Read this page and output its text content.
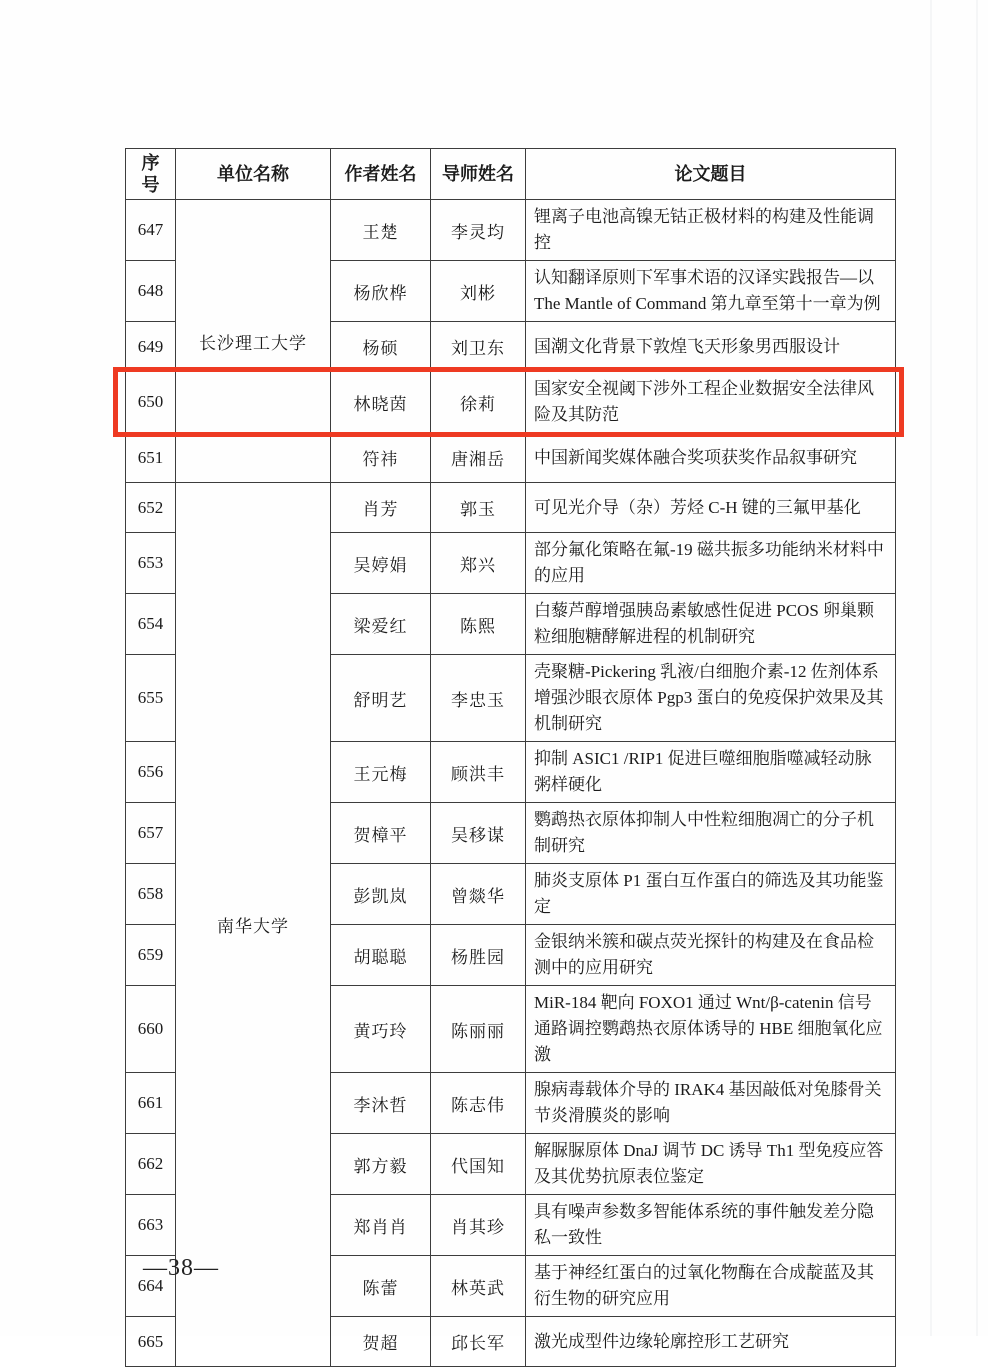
序号	单位名称	作者姓名	导师姓名	论文题目
647	长沙理工大学	王楚	李灵均	锂离子电池高镍无钴正极材料的构建及性能调控
648		杨欣桦	刘彬	认知翻译原则下军事术语的汉译实践报告—以 The Mantle of Command 第九章至第十一章为例
649		杨硕	刘卫东	国潮文化背景下敦煌飞天形象男西服设计
650		林晓茵	徐莉	国家安全视阈下涉外工程企业数据安全法律风险及其防范
651		符祎	唐湘岳	中国新闻奖媒体融合奖项获奖作品叙事研究
652	南华大学	肖芳	郭玉	可见光介导（杂）芳烃 C-H 键的三氟甲基化
653		吴婷娟	郑兴	部分氟化策略在氟-19 磁共振多功能纳米材料中的应用
654		梁爱红	陈熙	白藜芦醇增强胰岛素敏感性促进 PCOS 卵巢颗粒细胞糖酵解进程的机制研究
655		舒明艺	李忠玉	壳聚糖-Pickering 乳液/白细胞介素-12 佐剂体系增强沙眼衣原体 Pgp3 蛋白的免疫保护效果及其机制研究
656		王元梅	顾洪丰	抑制 ASIC1 /RIP1 促进巨噬细胞脂噬减轻动脉粥样硬化
657		贺樟平	吴移谋	鹦鹉热衣原体抑制人中性粒细胞凋亡的分子机制研究
658		彭凯岚	曾燚华	肺炎支原体 P1 蛋白互作蛋白的筛选及其功能鉴定
659		胡聪聪	杨胜园	金银纳米簇和碳点荧光探针的构建及在食品检测中的应用研究
660		黄巧玲	陈丽丽	MiR-184 靶向 FOXO1 通过 Wnt/β-catenin 信号通路调控鹦鹉热衣原体诱导的 HBE 细胞氧化应激
661		李沐哲	陈志伟	腺病毒载体介导的 IRAK4 基因敲低对兔膝骨关节炎滑膜炎的影响
662		郭方毅	代国知	解脲脲原体 DnaJ 调节 DC 诱导 Th1 型免疫应答及其优势抗原表位鉴定
663		郑肖肖	肖其珍	具有噪声参数多智能体系统的事件触发差分隐私一致性
664		陈蕾	林英武	基于神经红蛋白的过氧化物酶在合成靛蓝及其衍生物的研究应用
665		贺超	邱长军	激光成型件边缘轮廓控形工艺研究
—38—
